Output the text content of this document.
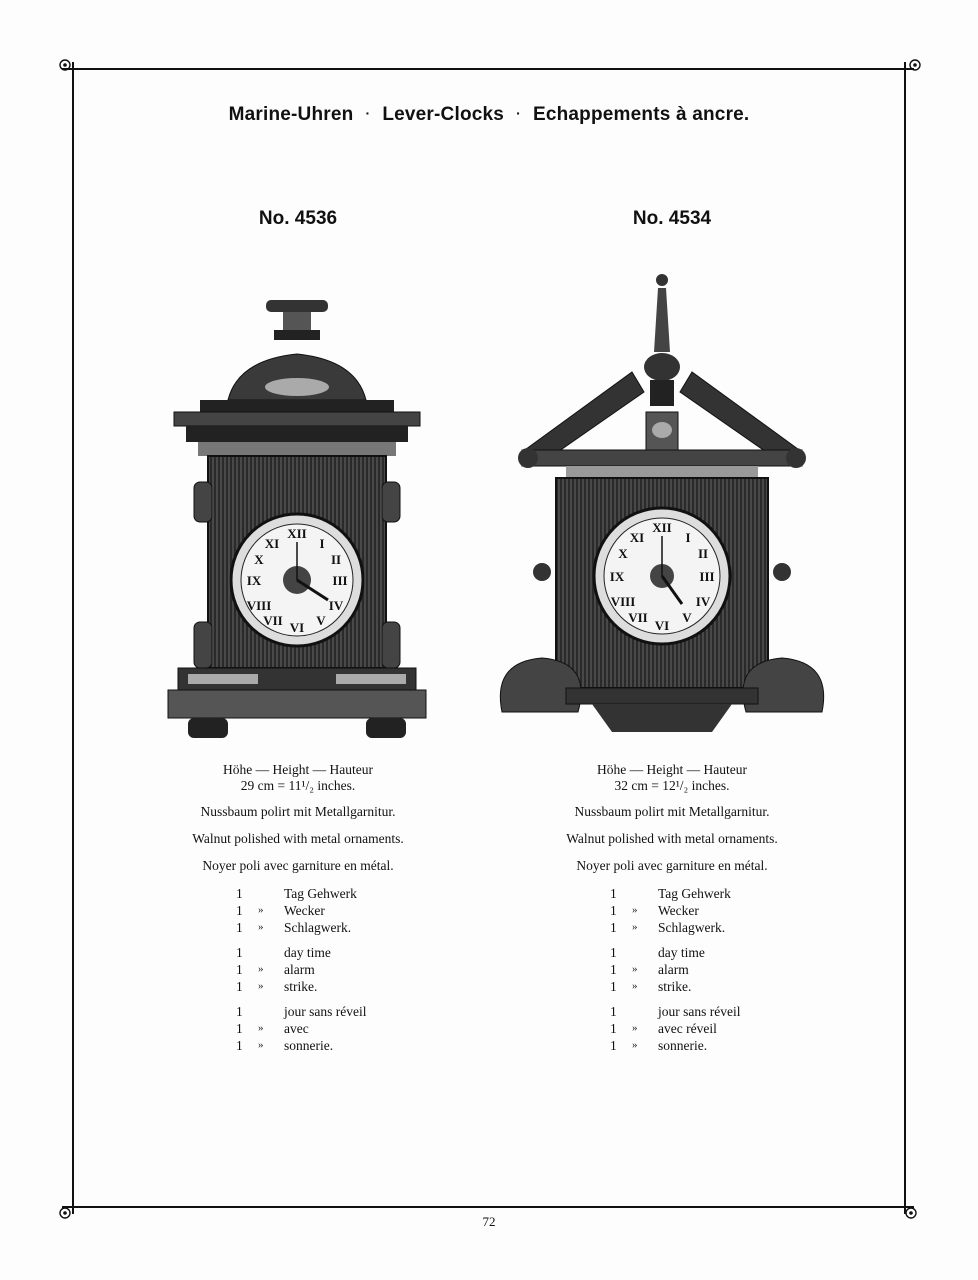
Marine-Uhren · Lever-Clocks · Echappements à ancre.
No. 4536
XII
III
VI
IX
I
II
IV
V
VII
VIII
X
XI

Höhe — Height — Hauteur

29 cm = 11¹/₂ inches.

Nussbaum polirt mit Metallgarnitur.

Walnut polished with metal ornaments.

Noyer poli avec garniture en métal.

1	Tag Gehwerk
1	»	Wecker
1	»	Schlagwerk.
1	day time
1	»	alarm
1	»	strike.
1	jour sans réveil
1	»	avec
1	»	sonnerie.
No. 4534
XII
III
VI
IX
I
II
IV
V
VII
VIII
X
XI

Höhe — Height — Hauteur

32 cm = 12¹/₂ inches.

Nussbaum polirt mit Metallgarnitur.

Walnut polished with metal ornaments.

Noyer poli avec garniture en métal.

1	Tag Gehwerk
1	»	Wecker
1	»	Schlagwerk.
1	day time
1	»	alarm
1	»	strike.
1	jour sans réveil
1	»	avec réveil
1	»	sonnerie.
72
